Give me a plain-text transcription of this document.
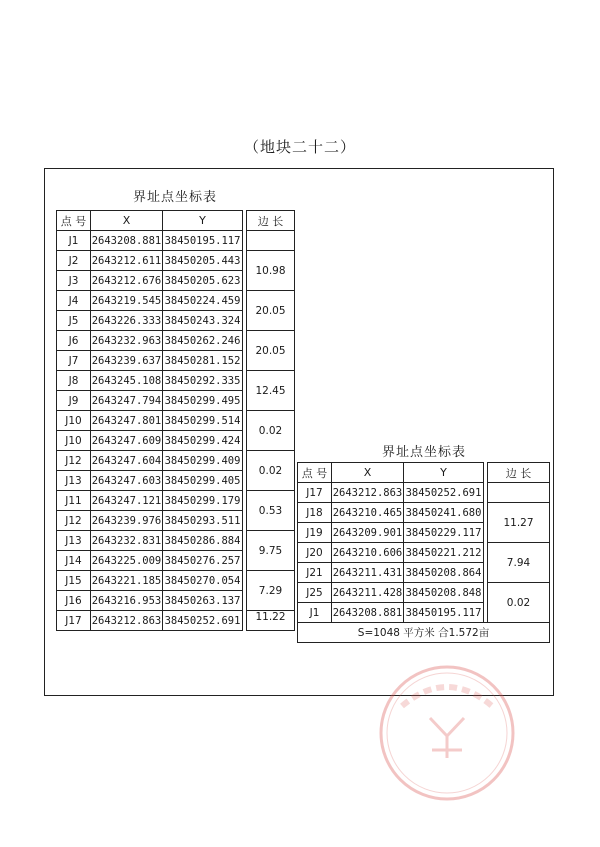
（地块二十二）
界址点坐标表
点 号	X	Y		边 长	
J1	2643208.881	38450195.117			
J2	2643212.611	38450205.443		10.98	
J3	2643212.676	38450205.623		
J4	2643219.545	38450224.459		20.05	
J5	2643226.333	38450243.324		
J6	2643232.963	38450262.246		20.05	
J7	2643239.637	38450281.152		
J8	2643245.108	38450292.335		12.45	
J9	2643247.794	38450299.495		
J10	2643247.801	38450299.514		0.02	
J10	2643247.609	38450299.424		
J12	2643247.604	38450299.409		0.02	
J13	2643247.603	38450299.405		
J11	2643247.121	38450299.179		0.53	
J12	2643239.976	38450293.511		
J13	2643232.831	38450286.884		9.75	
J14	2643225.009	38450276.257		
J15	2643221.185	38450270.054		7.29	
J16	2643216.953	38450263.137		
J17	2643212.863	38450252.691		11.22	
界址点坐标表
点 号	X	Y		边 长	
J17	2643212.863	38450252.691			
J18	2643210.465	38450241.680		11.27	
J19	2643209.901	38450229.117		
J20	2643210.606	38450221.212		7.94	
J21	2643211.431	38450208.864		
J25	2643211.428	38450208.848		0.02	
J1	2643208.881	38450195.117		
S=1048 平方米 合1.572亩					
